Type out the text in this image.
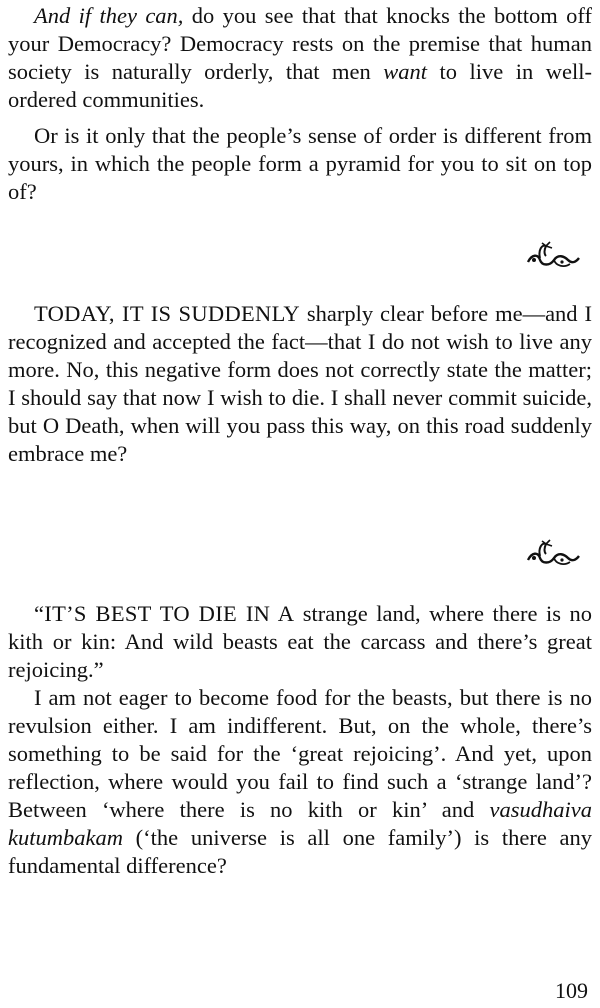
And if they can, do you see that that knocks the bottom off your Democracy? Democracy rests on the premise that human society is naturally orderly, that men want to live in well-ordered communities.

Or is it only that the people’s sense of order is different from yours, in which the people form a pyramid for you to sit on top of?

TODAY, IT IS SUDDENLY sharply clear before me—and I recognized and accepted the fact—that I do not wish to live any more. No, this negative form does not correctly state the matter; I should say that now I wish to die. I shall never commit suicide, but O Death, when will you pass this way, on this road suddenly embrace me?

“IT’S BEST TO DIE IN A strange land, where there is no kith or kin: And wild beasts eat the carcass and there’s great rejoicing.”

I am not eager to become food for the beasts, but there is no revulsion either. I am indifferent. But, on the whole, there’s something to be said for the ‘great rejoicing’. And yet, upon reflection, where would you fail to find such a ‘strange land’? Between ‘where there is no kith or kin’ and vasudhaiva kutumbakam (‘the universe is all one family’) is there any fundamental difference?

109
